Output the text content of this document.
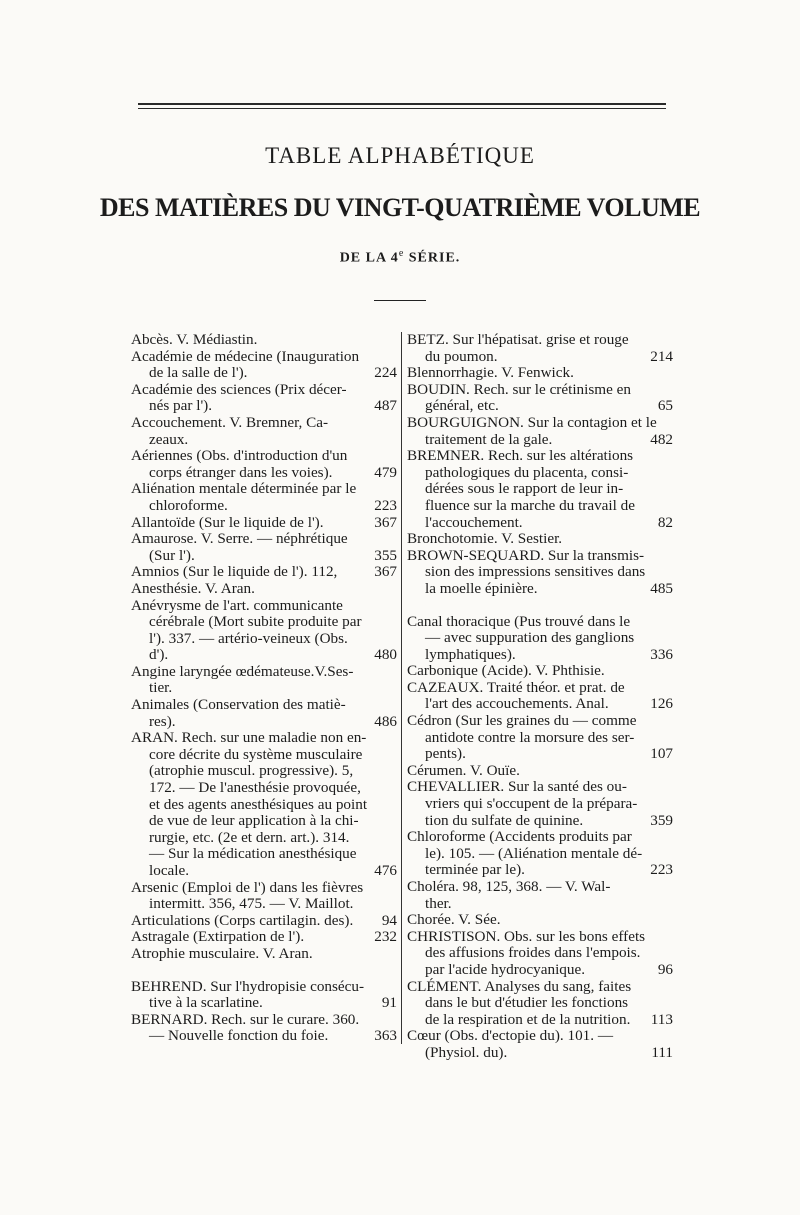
TABLE ALPHABÉTIQUE
DES MATIÈRES DU VINGT-QUATRIÈME VOLUME
DE LA 4e SÉRIE.
Abcès. V. Médiastin.
Académie de médecine (Inauguration
de la salle de l').	224
Académie des sciences (Prix décer-
nés par l').	487
Accouchement. V. Bremner, Ca-
zeaux.
Aériennes (Obs. d'introduction d'un
corps étranger dans les voies).	479
Aliénation mentale déterminée par le
chloroforme.	223
Allantoïde (Sur le liquide de l').	367
Amaurose. V. Serre. — néphrétique
(Sur l').	355
Amnios (Sur le liquide de l'). 112, 367
Anesthésie. V. Aran.
Anévrysme de l'art. communicante
cérébrale (Mort subite produite par
l'). 337. — artério-veineux (Obs.
d').	480
Angine laryngée œdémateuse.V.Ses-
tier.
Animales (Conservation des matiè-
res).	486
ARAN. Rech. sur une maladie non en-
core décrite du système musculaire
(atrophie muscul. progressive). 5,
172. — De l'anesthésie provoquée,
et des agents anesthésiques au point
de vue de leur application à la chi-
rurgie, etc. (2e et dern. art.). 314.
— Sur la médication anesthésique
locale.	476
Arsenic (Emploi de l') dans les fièvres
intermitt. 356, 475. — V. Maillot.
Articulations (Corps cartilagin. des). 94
Astragale (Extirpation de l').	232
Atrophie musculaire. V. Aran.
BEHREND. Sur l'hydropisie consécu-
tive à la scarlatine.	91
BERNARD. Rech. sur le curare. 360.
— Nouvelle fonction du foie.	363
BETZ. Sur l'hépatisat. grise et rouge
du poumon.	214
Blennorrhagie. V. Fenwick.
BOUDIN. Rech. sur le crétinisme en
général, etc.	65
BOURGUIGNON. Sur la contagion et le
traitement de la gale.	482
BREMNER. Rech. sur les altérations
pathologiques du placenta, consi-
dérées sous le rapport de leur in-
fluence sur la marche du travail de
l'accouchement.	82
Bronchotomie. V. Sestier.
BROWN-SEQUARD. Sur la transmis-
sion des impressions sensitives dans
la moelle épinière.	485
Canal thoracique (Pus trouvé dans le
— avec suppuration des ganglions
lymphatiques).	336
Carbonique (Acide). V. Phthisie.
CAZEAUX. Traité théor. et prat. de
l'art des accouchements. Anal.	126
Cédron (Sur les graines du — comme
antidote contre la morsure des ser-
pents).	107
Cérumen. V. Ouïe.
CHEVALLIER. Sur la santé des ou-
vriers qui s'occupent de la prépara-
tion du sulfate de quinine.	359
Chloroforme (Accidents produits par
le). 105. — (Aliénation mentale dé-
terminée par le).	223
Choléra. 98, 125, 368. — V. Wal-
ther.
Chorée. V. Sée.
CHRISTISON. Obs. sur les bons effets
des affusions froides dans l'empois.
par l'acide hydrocyanique.	96
CLÉMENT. Analyses du sang, faites
dans le but d'étudier les fonctions
de la respiration et de la nutrition. 113
Cœur (Obs. d'ectopie du). 101. —
(Physiol. du).	111
